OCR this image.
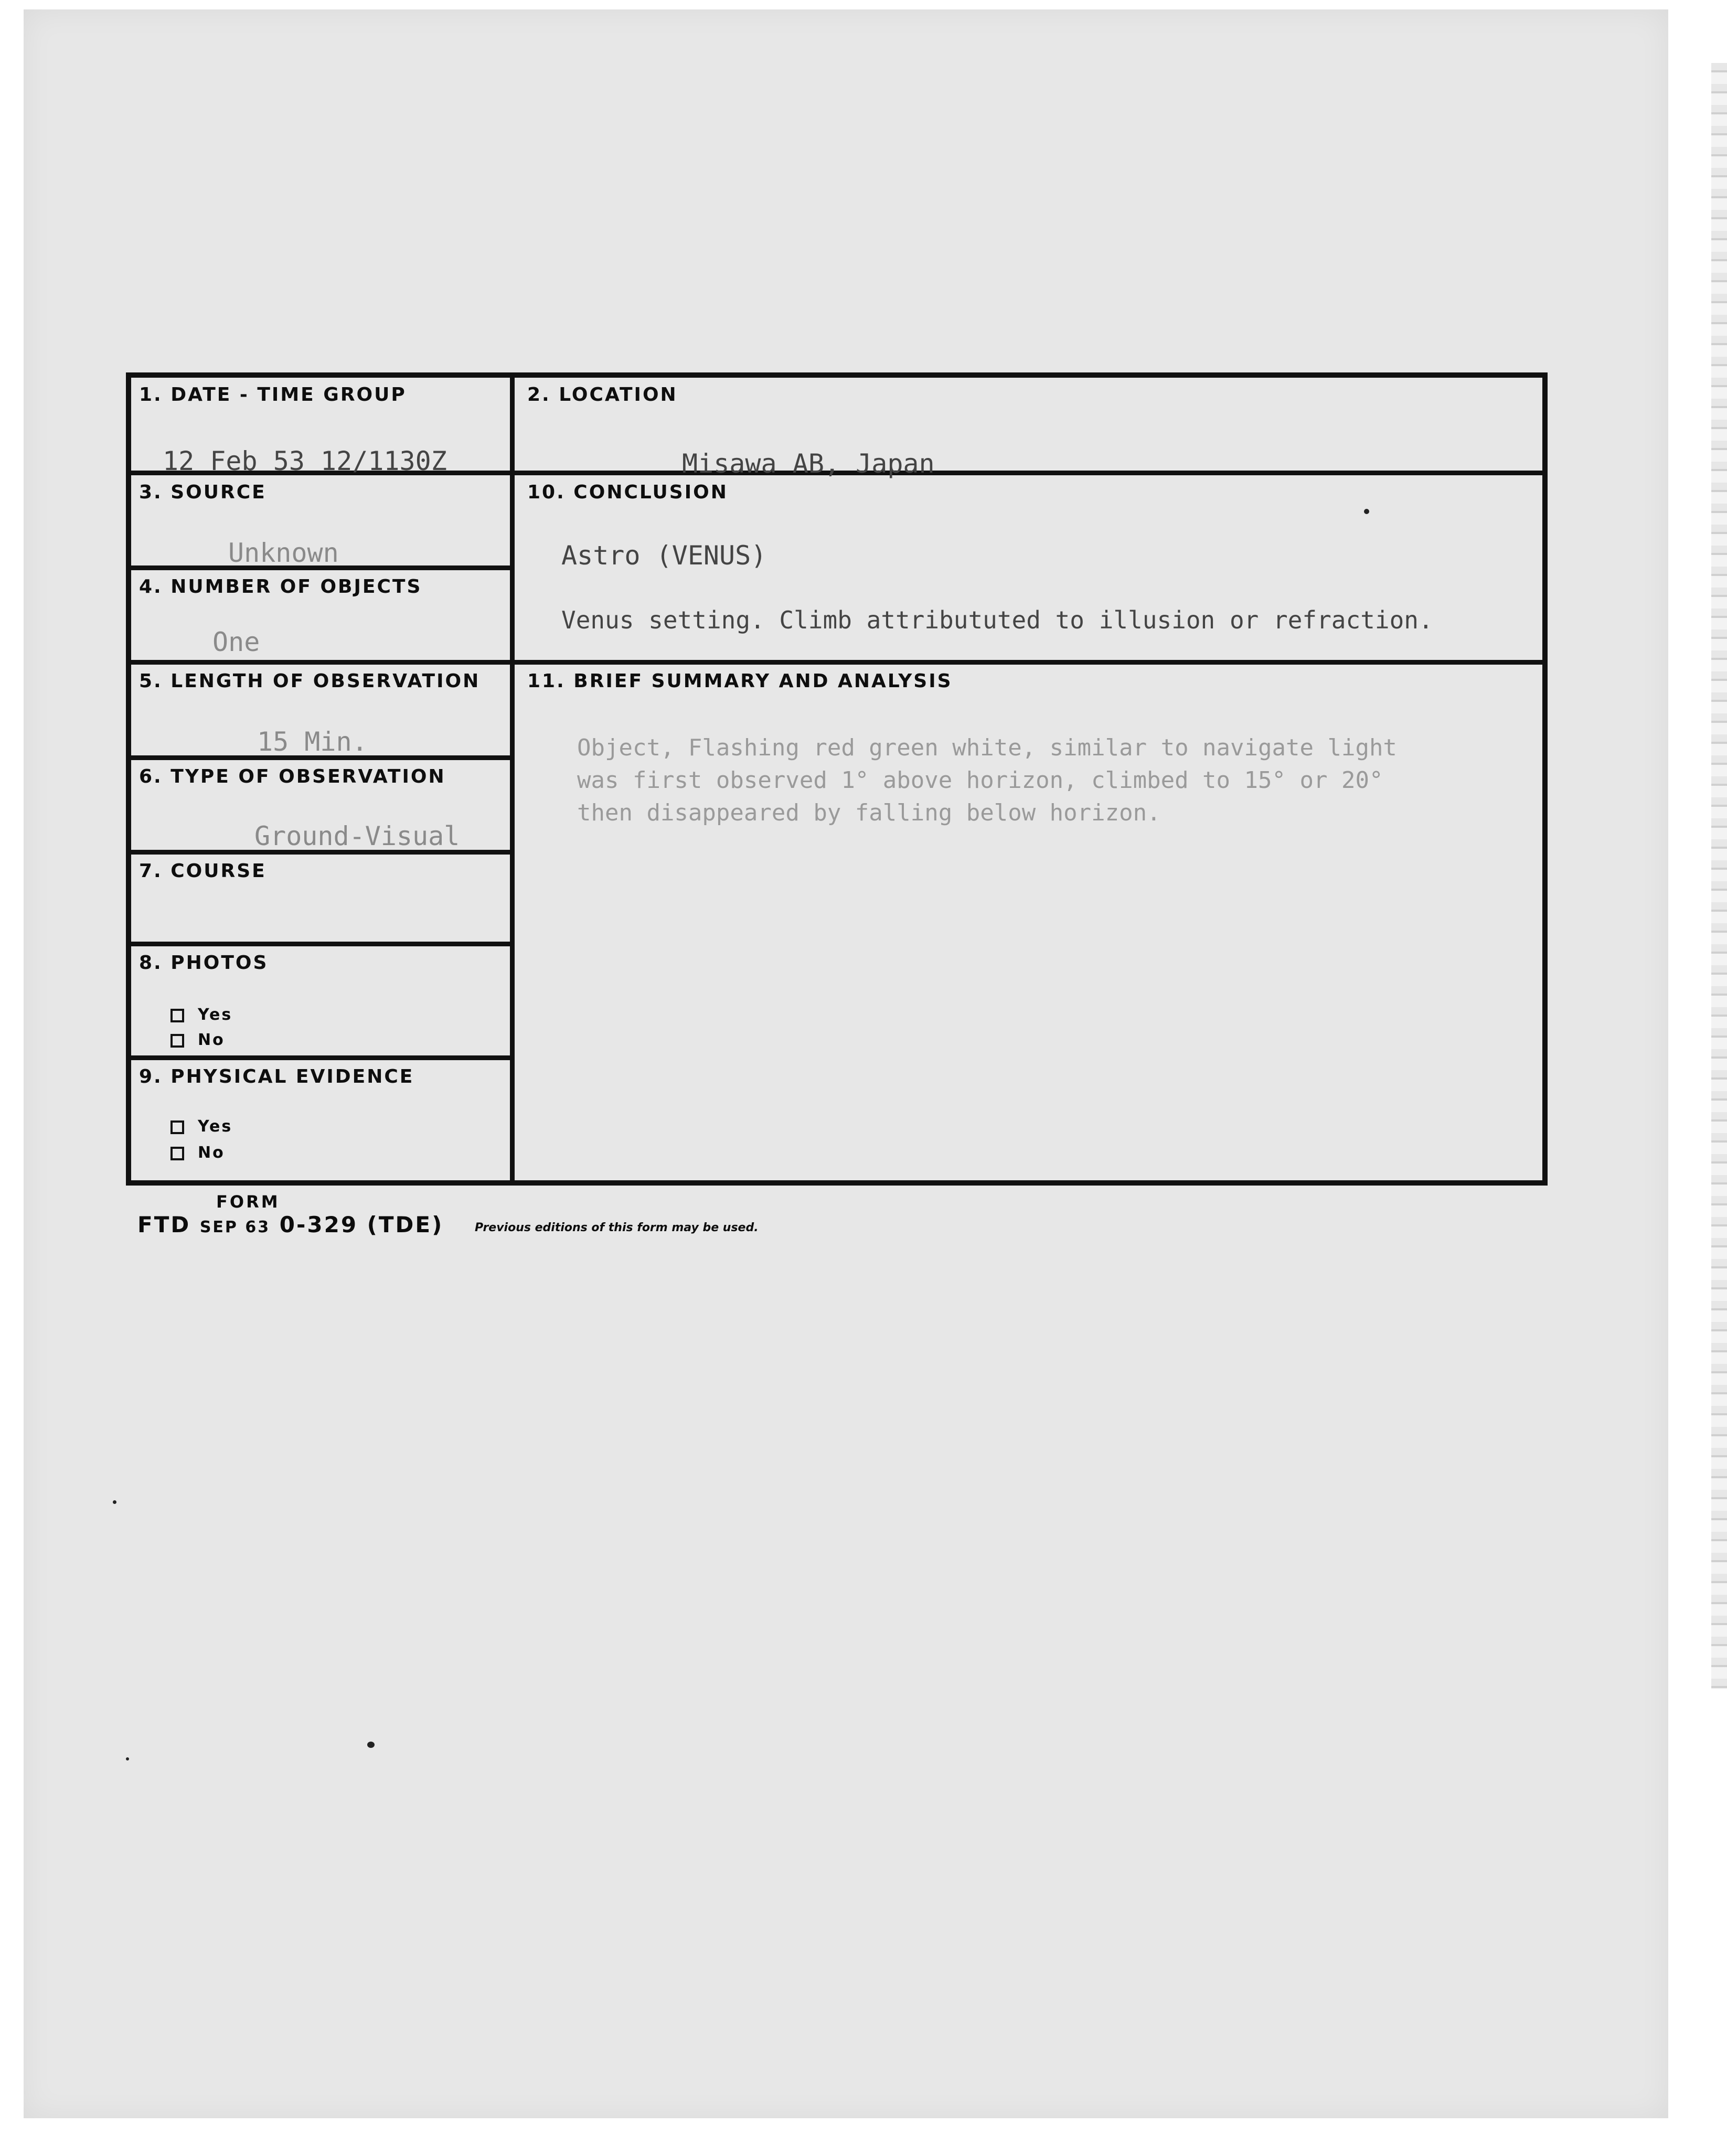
1. DATE - TIME GROUP
12 Feb 53 12/1130Z
2. LOCATION
Misawa AB, Japan
3. SOURCE
Unknown
4. NUMBER OF OBJECTS
One
5. LENGTH OF OBSERVATION
15 Min.
6. TYPE OF OBSERVATION
Ground-Visual
7. COURSE
8. PHOTOS
Yes
No
9. PHYSICAL EVIDENCE
Yes
No
10. CONCLUSION
Astro (VENUS)
Venus setting. Climb attribututed to illusion or refraction.
11. BRIEF SUMMARY AND ANALYSIS
Object, Flashing red green white, similar to navigate light
was first observed 1° above horizon, climbed to 15° or 20°
then disappeared by falling below horizon.
FORM
FTD SEP 63 0-329 (TDE)	Previous editions of this form may be used.
